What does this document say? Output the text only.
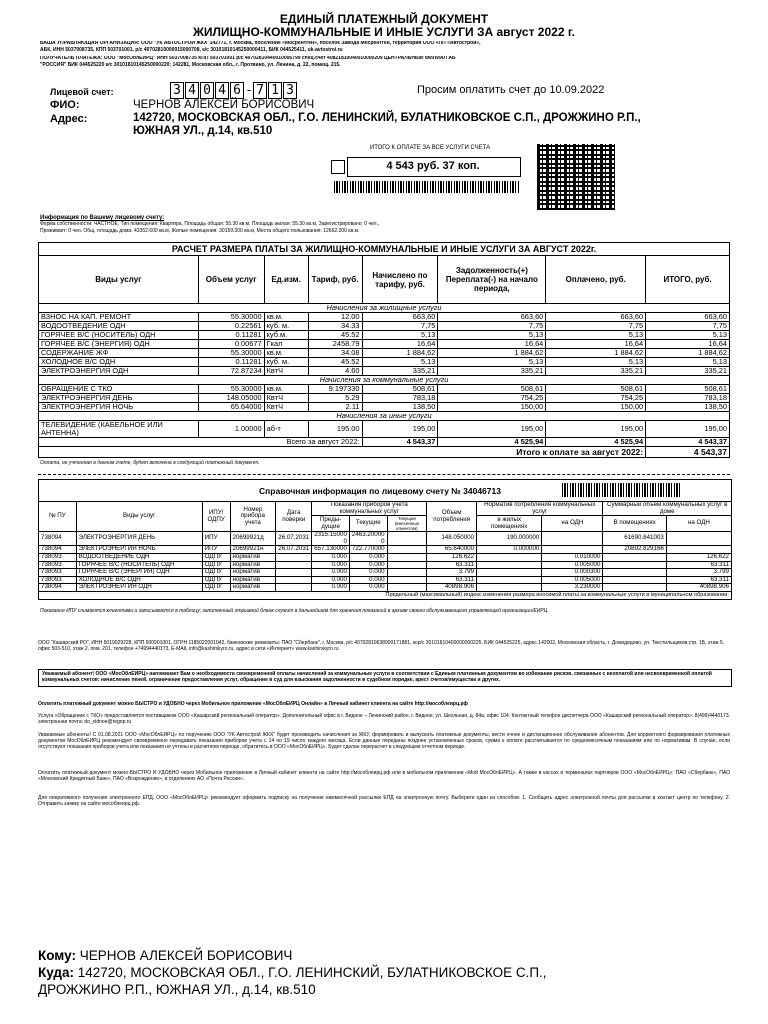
ЕДИНЫЙ ПЛАТЕЖНЫЙ ДОКУМЕНТ
ЖИЛИЩНО-КОММУНАЛЬНЫЕ И ИНЫЕ УСЛУГИ ЗА август 2022 г.
ВАША УПРАВЛЯЮЩАЯ ОРГАНИЗАЦИЯ: ООО "УК АВТОСТРОЙ ЖКХ"142771, г. Москва, поселение «Мосрентген», поселок Завода Мосрентген, территория ООО «ПП «Автострой»,
АБК, ИНН 5037008735, КПП 503701001, р/с 40702810000015000708, к/с 30101810145250000411, БИК 044525411, uk-avtostroi.ru
ПОЛУЧАТЕЛЬ ПЛАТЕЖА: ООО "МосОблЕИРЦ" ИНН 5037008735 КПП 503701001 р/с 40702810440010006799 спец.счет 40821810040010000209 ЦЕНТРАЛЬНЫЙ ФИЛИАЛ АБ
"РОССИЯ" БИК 044525220 к/с 30101810145250000220; 142281, Московская обл., г. Протвино, ул. Ленина, д. 22, помещ. 215.
Лицевой счет:	3 4 0 4 6 - 7 1 3	Просим оплатить счет до 10.09.2022
ФИО:	ЧЕРНОВ АЛЕКСЕЙ БОРИСОВИЧ
Адрес:	142720, МОСКОВСКАЯ ОБЛ., Г.О. ЛЕНИНСКИЙ, БУЛАТНИКОВСКОЕ С.П., ДРОЖЖИНО Р.П.,
ЮЖНАЯ УЛ., д.14, кв.510
ИТОГО К ОПЛАТЕ ЗА ВСЕ УСЛУГИ СЧЕТА
4 543 руб. 37 коп.
Информация по Вашему лицевому счету:
Форма собственности: ЧАСТНОЕ, Тип помещения: Квартира, Площадь общая: 55.30 кв.м, Площадь жилая: 55.30 кв.м, Зарегистрировано: 0 чел.,
Проживает: 0 чел. Общ. площадь дома: 43352.600 кв.м, Жилые помещения: 30159.300 кв.м, Места общего пользования: 12662.200 кв.м.
РАСЧЕТ РАЗМЕРА ПЛАТЫ ЗА ЖИЛИЩНО-КОММУНАЛЬНЫЕ И ИНЫЕ УСЛУГИ ЗА АВГУСТ 2022г.							
Виды услуг	Объем услуг	Ед.изм.	Тариф, руб.	Начислено по тарифу, руб.	Задолженность(+) Переплата(-) на начало периода,	Оплачено, руб.	ИТОГО, руб.
Начисления за жилищные услуги							
ВЗНОС НА КАП. РЕМОНТ	55.30000	кв.м.	12.00	663,60	663,60	663,60	663,60
ВОДООТВЕДЕНИЕ ОДН	0.22561	куб. м.	34.33	7,75	7,75	7,75	7,75
ГОРЯЧЕЕ В/С (НОСИТЕЛЬ) ОДН	0.11281	куб.м.	45.52	5,13	5,13	5,13	5,13
ГОРЯЧЕЕ В/С (ЭНЕРГИЯ) ОДН	0.00677	Гкал	2458.79	16,64	16,64	16,64	16,64
СОДЕРЖАНИЕ ЖФ	55.30000	кв.м.	34.08	1 884,62	1 884,62	1 884,62	1 884,62
ХОЛОДНОЕ В/С ОДН	0.11281	куб. м.	45.52	5,13	5,13	5,13	5,13
ЭЛЕКТРОЭНЕРГИЯ ОДН	72.87234	КвтЧ	4.60	335,21	335,21	335,21	335,21
Начисления за коммунальные услуги							
ОБРАЩЕНИЕ С ТКО	55.30000	кв.м.	9.197330	508,61	508,61	508,61	508,61
ЭЛЕКТРОЭНЕРГИЯ ДЕНЬ	148.05000	КвтЧ	5.29	783,18	754,25	754,25	783,18
ЭЛЕКТРОЭНЕРГИЯ НОЧЬ	65.64000	КвтЧ	2.11	138,50	150,00	150,00	138,50
Начисления за иные услуги							
ТЕЛЕВИДЕНИЕ (КАБЕЛЬНОЕ ИЛИ АНТЕННА)	1.00000	аб-т	195.00	195,00	195,00	195,00	195,00
Всего за август 2022:				4 543,37	4 525,94	4 525,94	4 543,37
Итого к оплате за август 2022:							4 543,37
Оплата, не учтенная в данном счете, будет включена в следующий платежный документ.
Справочная информация по лицевому счету № 34046713
№ ПУ	Виды услуг	ИПУ/ ОДПУ	Номер прибора учета	Дата поверки	Показания приборов учета коммунальных услуг			Объем потребления	Норматив потребления коммунальных услуг		Суммарный объем коммунальных услуг в доме	
					Преды- дущие	Текущие	Текущие (внесенные клиентом)		в жилых помещениях	на ОДН	В помещениях	на ОДН

738094	ЭЛЕКТРОЭНЕРГИЯ ДЕНЬ	ИПУ	20699921д	26.07.2031	2315.15000 0	2463.20000 0		148.050000	190.000000		61690.841003	
738094	ЭЛЕКТРОЭНЕРГИЯ НОЧЬ	ИПУ	20699921н	26.07.2031	657.130000	722.770000		65.640000	0.000000		20892.829166	
738093	ВОДООТВЕДЕНИЕ ОДН	ОДПУ	норматив		0.000	0.000		126.622		0.010000		126.622
738093	ГОРЯЧЕЕ В/С (НОСИТЕЛЬ) ОДН	ОДПУ	норматив		0.000	0.000		63.311		0.005000		63.311
738093	ГОРЯЧЕЕ В/С (ЭНЕРГИЯ) ОДН	ОДПУ	норматив		0.000	0.000		3.799		0.000300		3.799
738093	ХОЛОДНОЕ В/С ОДН	ОДПУ	норматив		0.000	0.000		63.311		0.005000		63.311
738094	ЭЛЕКТРОЭНЕРГИЯ ОДН	ОДПУ	норматив		0.000	0.000		40898.906		3.230000		40898.906
Предельный (максимальный) индекс изменения размера вносимой платы за коммунальные услуги в муниципальном образовании:												
Показания ИПУ снимаются клиентами и записываются в таблицу; заполненный отрывной бланк служит в дальнейшем для хранения показаний в архиве своего обслуживающего управляющей организации/ЕИРЦ.
ООО "Кашарский РО", ИНН 5019029228, КПП 500901001, ОГРН 1185022001042, банковские реквизиты: ПАО "Сбербанк", г. Москва, р/с 40702810638000171881, кор/с 30101810400000000225, БИК 044525225, адрес 142002, Московская область, г. Домодедово, ул. Текстильщиков,стр. 1Б, этаж 5, офис 503-510, этаж 2, пом. 201, телефон +74994440173, E-MAIL info@kashirskyro.ru, адрес в сети «Интернет» www.kashirskyro.ru
Уважаемый абонент! ООО «МосОблЕИРЦ» напоминает Вам о необходимости своевременной оплаты начислений за коммунальные услуги в соответствии с Единым платежным документом во избежание рисков, связанных с неоплатой или несвоевременной оплатой коммунальных счетов: начисление пеней, ограничение предоставления услуг, обращение в суд для взыскания задолженности в судебном порядке, арест счетов/имущества и других.
Оплатить платежный документ можно БЫСТРО и УДОБНО через Мобильное приложение «МосОблЕИРЦ Онлайн» в Личный кабинет клиента на сайте http://мособлеирц.рф
Услуга «Обращение с ТКО» предоставляется поставщиком ООО «Кашарский региональный оператор». Дополнительный офис в г. Видное – Ленинский район, г. Видное, ул. Школьная, д. 84а, офис 104. Контактный телефон диспетчера ООО «Кашарский региональный оператор»: 8(499)4440173. электронная почта: do_vidnoe@regop.ru
Уважаемые абоненты! С 01.08.2021 ООО «МосОблЕИРЦ» по поручению ООО "УК Автострой ЖКХ" будет производить начисления за ЖКУ, формировать и выпускать платежные документы, вести очное и дистанционное обслуживание абонентов. Для корректного формирования платежных документов МосОблЕИРЦ рекомендует своевременно передавать показания приборов учета с 14 по 19 число каждого месяца. Если данные переданы позднее установленных сроков, сумма к оплате рассчитывается по среднемесячным показаниям или по нормативам. В случае, если отсутствуют показания приборов учета или показания не учтены в расчетном периоде, обратитесь в ООО «МосОблЕИРЦ». Будет сделан перерасчет в следующем отчетном периоде.
Оплатить платежный документ можно БЫСТРО И УДОБНО через Мобильное приложение в Личный кабинет клиента на сайте http://мособлеирц.рф или в мобильном приложении «Мой МосОблЕИРЦ». А также в кассах и терминалах партнеров ООО «МосОблЕИРЦ»: ПАО «Сбербанк», ПАО «Московский Кредитный Банк», ПАО «Возрождение», в отделениях АО «Почта России».
Для оперативного получения электронного ЕПД, ООО «МосОблЕИРЦ» рекомендует оформить подписку на получение ежемесячной рассылки ЕПД на электронную почту. Выберите один из способов: 1. Сообщить адрес электронной почты для рассылки в контакт центр по телефону. 2. Отправить заявку на сайте мособлеирц.рф.
Кому: ЧЕРНОВ АЛЕКСЕЙ БОРИСОВИЧ
Куда: 142720, МОСКОВСКАЯ ОБЛ., Г.О. ЛЕНИНСКИЙ, БУЛАТНИКОВСКОЕ С.П.,
ДРОЖЖИНО Р.П., ЮЖНАЯ УЛ., д.14, кв.510
